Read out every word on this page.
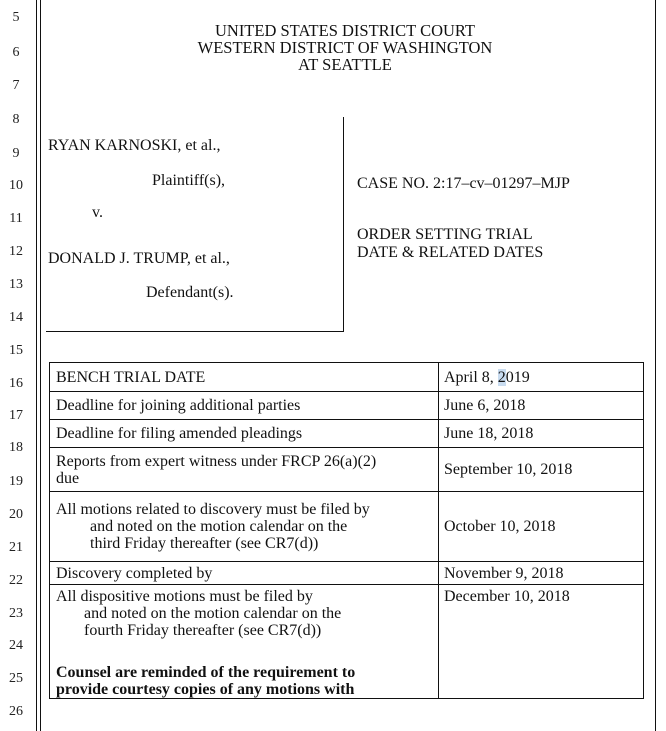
5
6
7
8
9
10
11
12
13
14
15
16
17
18
19
20
21
22
23
24
25
26
UNITED STATES DISTRICT COURT
WESTERN DISTRICT OF WASHINGTON
AT SEATTLE
RYAN KARNOSKI, et al.,
Plaintiff(s),
v.
DONALD J. TRUMP, et al.,
Defendant(s).
CASE NO. 2:17–cv–01297–MJP
ORDER SETTING TRIAL
DATE & RELATED DATES
BENCH TRIAL DATE	April 8, 2019
Deadline for joining additional parties	June 6, 2018
Deadline for filing amended pleadings	June 18, 2018

Reports from expert witness under FRCP 26(a)(2)
due	September 10, 2018

All motions related to discovery must be filed by
and noted on the motion calendar on the
third Friday thereafter (see CR7(d))	October 10, 2018
Discovery completed by	November 9, 2018

All dispositive motions must be filed by
and noted on the motion calendar on the
fourth Friday thereafter (see CR7(d))
Counsel are reminded of the requirement to
provide courtesy copies of any motions with	December 10, 2018
